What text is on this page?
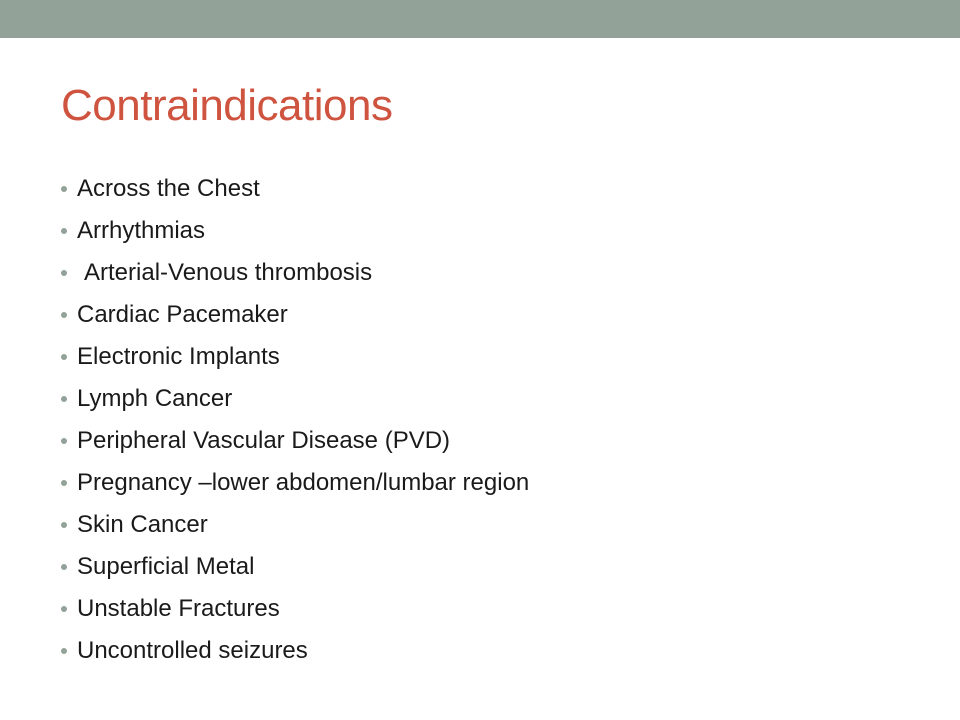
Contraindications
Across the Chest
Arrhythmias
Arterial-Venous thrombosis
Cardiac Pacemaker
Electronic Implants
Lymph Cancer
Peripheral Vascular Disease (PVD)
Pregnancy –lower abdomen/lumbar region
Skin Cancer
Superficial Metal
Unstable Fractures
Uncontrolled seizures
